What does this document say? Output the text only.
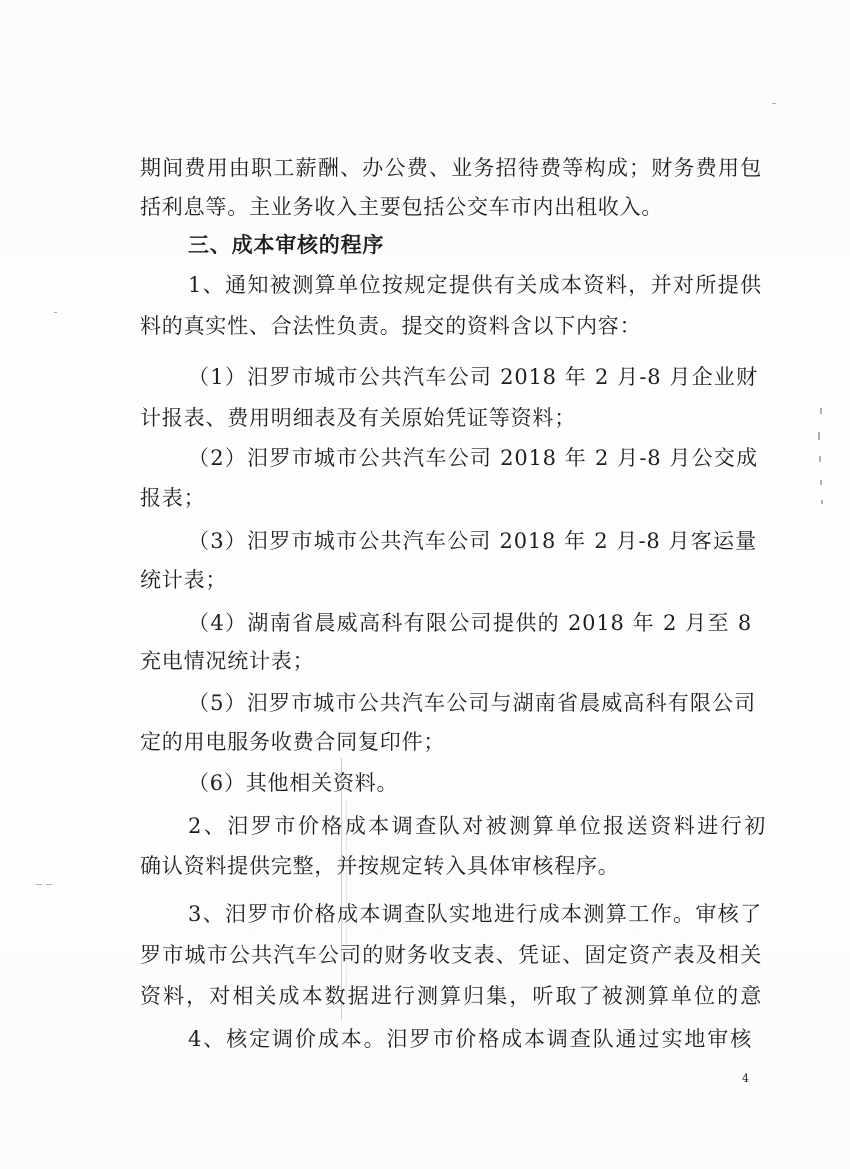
期间费用由职工薪酬、办公费、业务招待费等构成；财务费用包
括利息等。主业务收入主要包括公交车市内出租收入。
三、成本审核的程序
1、通知被测算单位按规定提供有关成本资料，并对所提供
料的真实性、合法性负责。提交的资料含以下内容：
（1）汨罗市城市公共汽车公司 2018 年 2 月-8 月企业财
计报表、费用明细表及有关原始凭证等资料；
（2）汨罗市城市公共汽车公司 2018 年 2 月-8 月公交成
报表；
（3）汨罗市城市公共汽车公司 2018 年 2 月-8 月客运量
统计表；
（4）湖南省晨威高科有限公司提供的 2018 年 2 月至 8
充电情况统计表；
（5）汨罗市城市公共汽车公司与湖南省晨威高科有限公司
定的用电服务收费合同复印件；
（6）其他相关资料。
2、汨罗市价格成本调查队对被测算单位报送资料进行初
确认资料提供完整，并按规定转入具体审核程序。
3、汨罗市价格成本调查队实地进行成本测算工作。审核了
罗市城市公共汽车公司的财务收支表、凭证、固定资产表及相关
资料，对相关成本数据进行测算归集，听取了被测算单位的意
4、核定调价成本。汨罗市价格成本调查队通过实地审核
4
